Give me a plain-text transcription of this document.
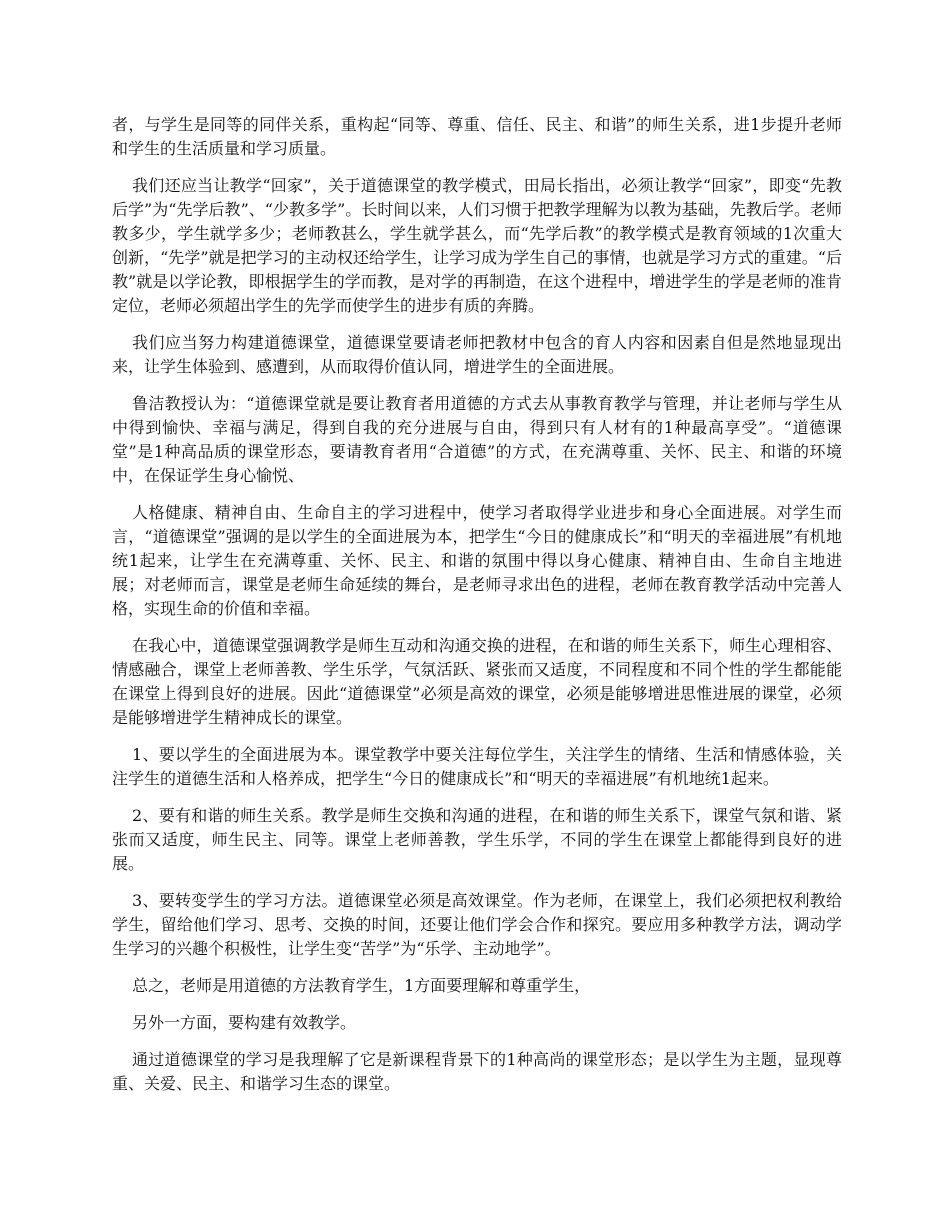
者，与学生是同等的同伴关系，重构起“同等、尊重、信任、民主、和谐”的师生关系，进1步提升老师和学生的生活质量和学习质量。

我们还应当让教学“回家”，关于道德课堂的教学模式，田局长指出，必须让教学“回家”，即变“先教后学”为“先学后教”、“少教多学”。长时间以来，人们习惯于把教学理解为以教为基础，先教后学。老师教多少，学生就学多少；老师教甚么，学生就学甚么，而“先学后教”的教学模式是教育领域的1次重大创新，“先学”就是把学习的主动权还给学生，让学习成为学生自己的事情，也就是学习方式的重建。“后教”就是以学论教，即根据学生的学而教，是对学的再制造，在这个进程中，增进学生的学是老师的准肯定位，老师必须超出学生的先学而使学生的进步有质的奔腾。

我们应当努力构建道德课堂，道德课堂要请老师把教材中包含的育人内容和因素自但是然地显现出来，让学生体验到、感遭到，从而取得价值认同，增进学生的全面进展。

鲁洁教授认为：“道德课堂就是要让教育者用道德的方式去从事教育教学与管理，并让老师与学生从中得到愉快、幸福与满足，得到自我的充分进展与自由，得到只有人材有的1种最高享受”。“道德课堂”是1种高品质的课堂形态，要请教育者用“合道德”的方式，在充满尊重、关怀、民主、和谐的环境中，在保证学生身心愉悦、

人格健康、精神自由、生命自主的学习进程中，使学习者取得学业进步和身心全面进展。对学生而言，“道德课堂”强调的是以学生的全面进展为本，把学生“今日的健康成长”和“明天的幸福进展”有机地统1起来，让学生在充满尊重、关怀、民主、和谐的氛围中得以身心健康、精神自由、生命自主地进展；对老师而言，课堂是老师生命延续的舞台，是老师寻求出色的进程，老师在教育教学活动中完善人格，实现生命的价值和幸福。

在我心中，道德课堂强调教学是师生互动和沟通交换的进程，在和谐的师生关系下，师生心理相容、情感融合，课堂上老师善教、学生乐学，气氛活跃、紧张而又适度，不同程度和不同个性的学生都能能在课堂上得到良好的进展。因此“道德课堂”必须是高效的课堂，必须是能够增进思惟进展的课堂，必须是能够增进学生精神成长的课堂。

1、要以学生的全面进展为本。课堂教学中要关注每位学生，关注学生的情绪、生活和情感体验，关注学生的道德生活和人格养成，把学生“今日的健康成长”和“明天的幸福进展”有机地统1起来。

2、要有和谐的师生关系。教学是师生交换和沟通的进程，在和谐的师生关系下，课堂气氛和谐、紧张而又适度，师生民主、同等。课堂上老师善教，学生乐学，不同的学生在课堂上都能得到良好的进展。

3、要转变学生的学习方法。道德课堂必须是高效课堂。作为老师，在课堂上，我们必须把权利教给学生，留给他们学习、思考、交换的时间，还要让他们学会合作和探究。要应用多种教学方法，调动学生学习的兴趣个积极性，让学生变“苦学”为“乐学、主动地学”。

总之，老师是用道德的方法教育学生，1方面要理解和尊重学生，

另外一方面，要构建有效教学。

通过道德课堂的学习是我理解了它是新课程背景下的1种高尚的课堂形态；是以学生为主题，显现尊重、关爱、民主、和谐学习生态的课堂。
